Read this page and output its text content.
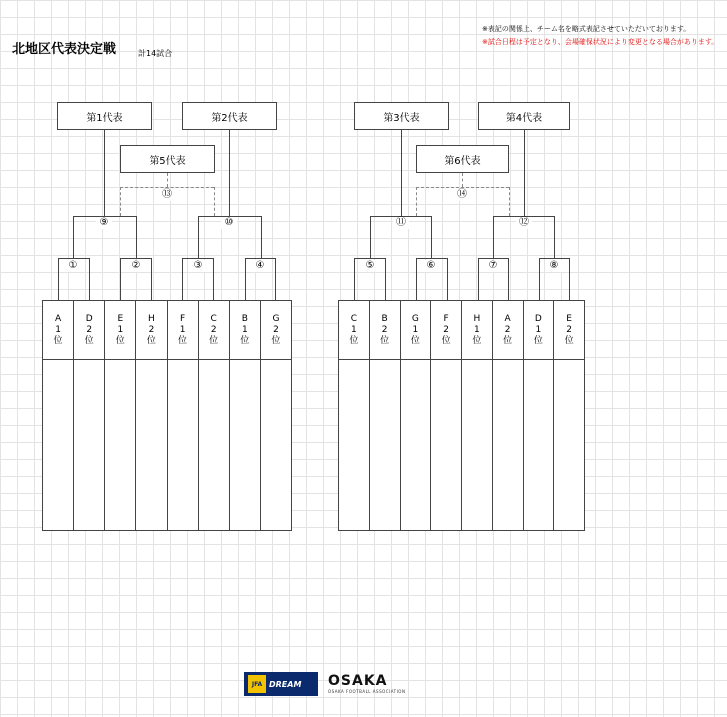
北地区代表決定戦	計14試合
※表記の関係上、チーム名を略式表記させていただいております。
※試合日程は予定となり、会場確保状況により変更となる場合があります。
第1代表	第2代表
第5代表
⑬
⑨	⑩
①	②	③	④
A
1
位
D
2
位
E
1
位
H
2
位
F
1
位
C
2
位
B
1
位
G
2
位
第3代表	第4代表
第6代表
⑭
⑪	⑫
⑤	⑥	⑦	⑧
C
1
位
B
2
位
G
1
位
F
2
位
H
1
位
A
2
位
D
1
位
E
2
位
JFA DREAM OSAKA
OSAKA FOOTBALL ASSOCIATION
